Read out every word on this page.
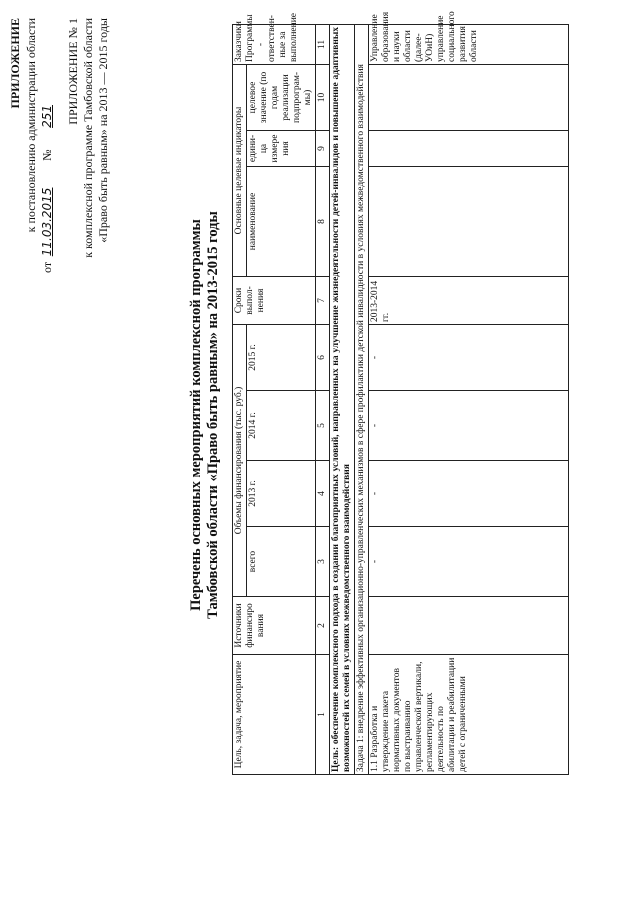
ПРИЛОЖЕНИЕ к постановлению администрации области
от 11.03.2015  № 251 ПРИЛОЖЕНИЕ № 1 к комплексной программе Тамбовской области «Право быть равным» на 2013 — 2015 годы
Перечень основных мероприятий комплексной программы Тамбовской области «Право быть равным» на 2013-2015 годы
Цель, задача, мероприятие	Источники финансиро вания	Объемы финансирования (тыс. руб.)				Сроки выпол-нения	Основные целевые индикаторы			Заказчики Программы - ответствен-ные за выполнение
		всего	2013 г.	2014 г.	2015 г.		наименование	едини- ца измере ния	целевое значение (по годам реализации подпрограм-мы)	
1	2	3	4	5	6	7	8	9	10	11
Цель: обеспечение комплексного подхода в создании благоприятных условий, направленных на улучшение жизнедеятельности детей-инвалидов и повышение адаптивных возможностей их семей в условиях межведомственного взаимодействия										
Задача 1: внедрение эффективных организационно-управленческих механизмов в сфере профилактики детской инвалидности в условиях межведомственного взаимодействия										
1.1 Разработка и утверждение пакета нормативных документов по выстраиванию управленческой вертикали, регламентирующих деятельность по абилитации и реабилитации детей с ограниченными		-	-	-	-	2013-2014 гг.				Управление образования и науки области (далее-УОиН) управление социального развития области
